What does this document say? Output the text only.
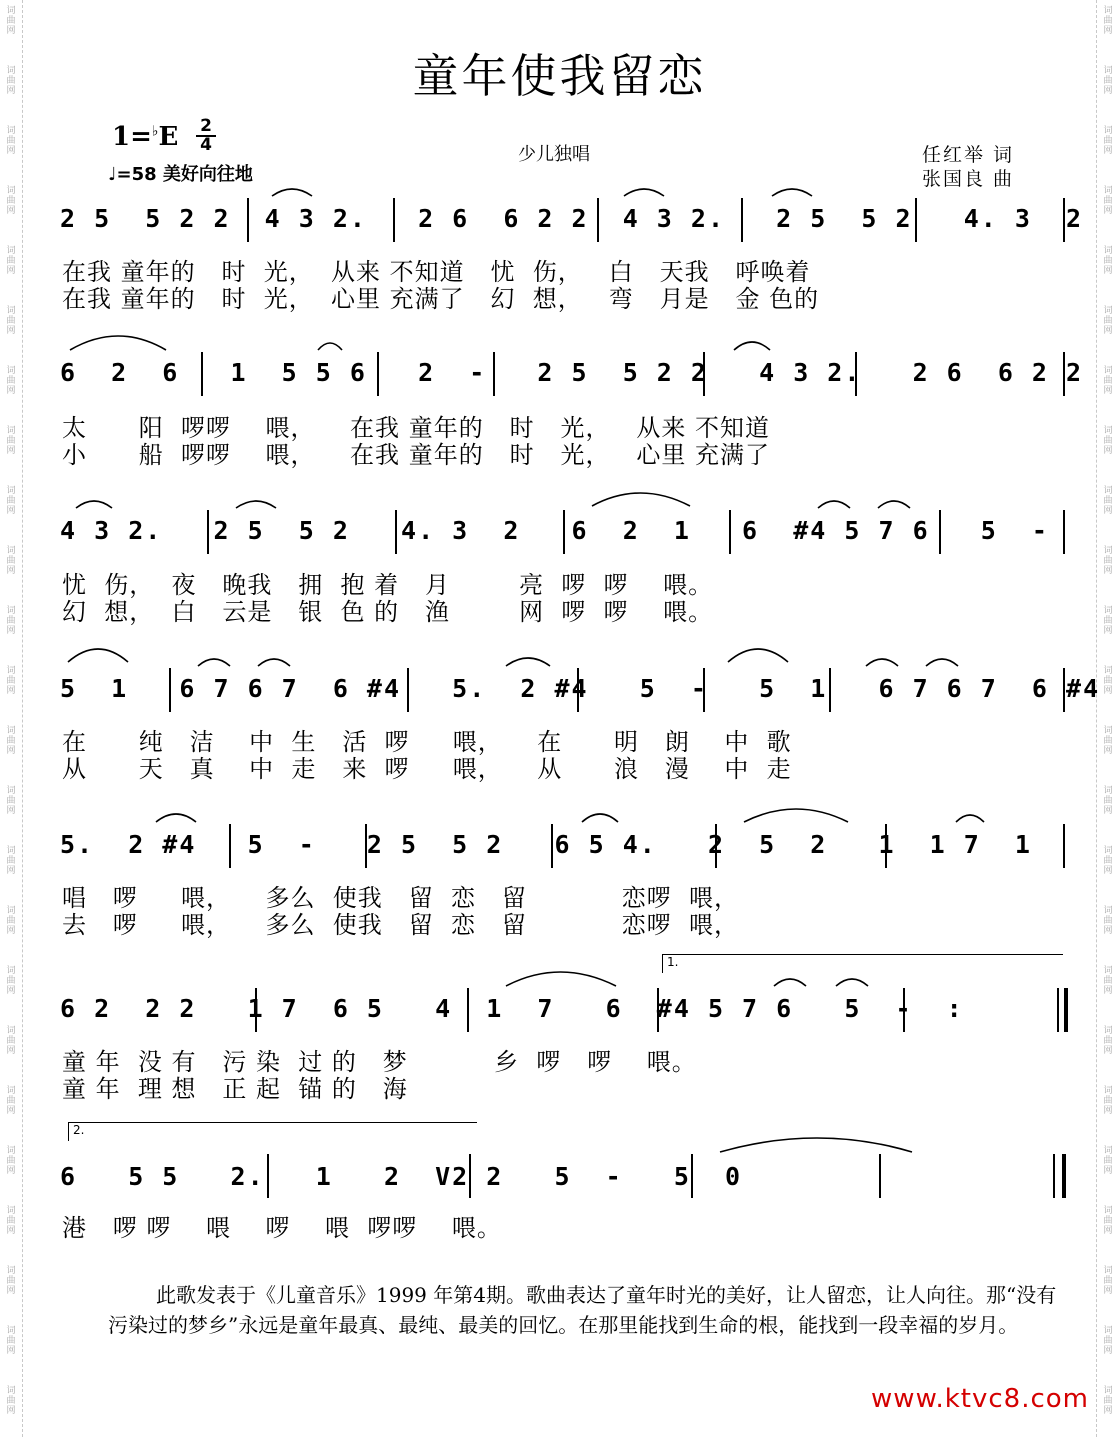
词曲网
词曲网
词曲网
词曲网
词曲网
词曲网
词曲网
词曲网
词曲网
词曲网
词曲网
词曲网
词曲网
词曲网
词曲网
词曲网
词曲网
词曲网
词曲网
词曲网
词曲网
词曲网
词曲网
词曲网
词曲网
词曲网
词曲网
词曲网
词曲网
词曲网
词曲网
词曲网
词曲网
词曲网
词曲网
词曲网
词曲网
词曲网
词曲网
词曲网
词曲网
词曲网
词曲网
词曲网
词曲网
词曲网
词曲网
词曲网
童年使我留恋
1=♭E 2
4
♩=58 美好向往地
少儿独唱	任红举 词
张国良 曲
2 5  5 2 2  4 3 2.   2 6  6 2 2  4 3 2.   2 5  5 2   4. 3  2
在我 童年的   时  光，  从来 不知道   忧  伤，   白   天我   呼唤着
在我 童年的   时  光，  心里 充满了   幻  想，   弯   月是   金 色的
6  2  6   1  5 5 6   2  -   2 5  5 2 2   4 3 2.   2 6  6 2 2
太      阳  啰啰    喂，    在我 童年的   时   光，   从来 不知道
小      船  啰啰    喂，    在我 童年的   时   光，   心里 充满了
4 3 2.   2 5  5 2   4. 3  2   6  2  1   6  #4 5 7 6   5  -
忧  伤，  夜   晚我   拥  抱 着   月        亮  啰  啰    喂。
幻  想，  白   云是   银  色 的   渔        网  啰  啰    喂。
5  1   6 7 6 7  6 #4   5.  2 #4   5  -   5  1   6 7 6 7  6 #4
在      纯   洁    中  生   活  啰     喂，    在      明   朗    中  歌
从      天   真    中  走   来  啰     喂，    从      浪   漫    中  走
5.  2 #4   5  -   2 5  5 2   6 5 4.   2  5  2   1  1 7  1
唱   啰     喂，    多么  使我   留  恋   留           恋啰  喂，
去   啰     喂，    多么  使我   留  恋   留           恋啰  喂，
1.
6 2  2 2   1 7  6 5   4  1  7   6  #4 5 7 6   5  -  :
童 年  没 有   污 染  过 的   梦          乡  啰   啰    喂。
童 年  理 想   正 起  锚 的   海
2.
6   5 5   2.   1   2  V2 2   5  -   5  0
港   啰 啰    喂    啰    喂  啰啰    喂。
此歌发表于《儿童音乐》1999 年第4期。歌曲表达了童年时光的美好，让人留恋，让人向往。那“没有污染过的梦乡”永远是童年最真、最纯、最美的回忆。在那里能找到生命的根，能找到一段幸福的岁月。
www.ktvc8.com
